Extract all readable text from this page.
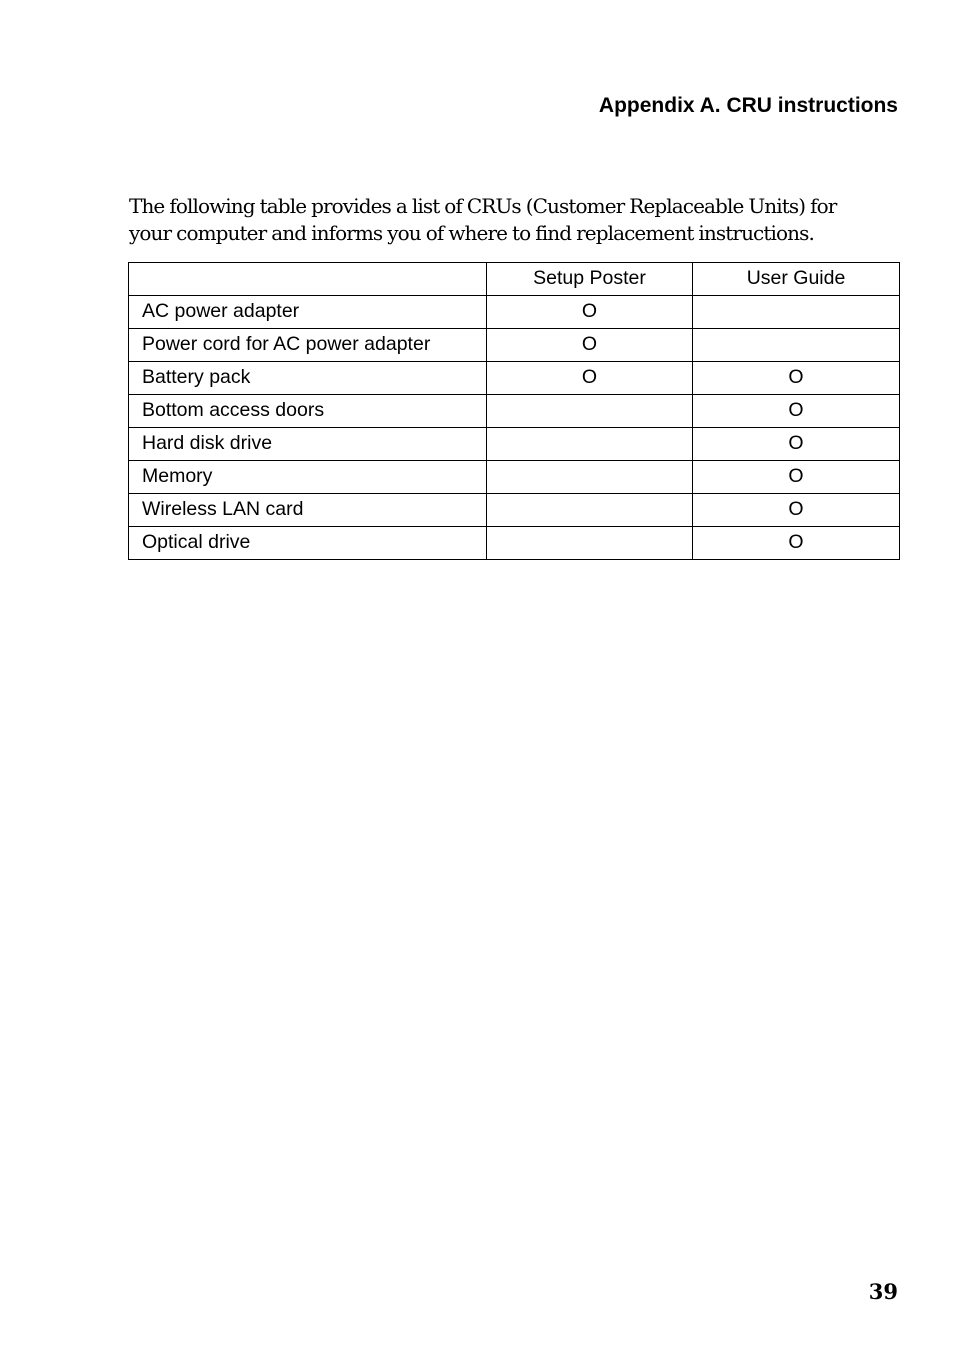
Appendix A. CRU instructions

The following table provides a list of CRUs (Customer Replaceable Units) for
your computer and informs you of where to find replacement instructions.

	Setup Poster	User Guide
AC power adapter	O	
Power cord for AC power adapter	O	
Battery pack	O	O
Bottom access doors		O
Hard disk drive		O
Memory		O
Wireless LAN card		O
Optical drive		O
39
